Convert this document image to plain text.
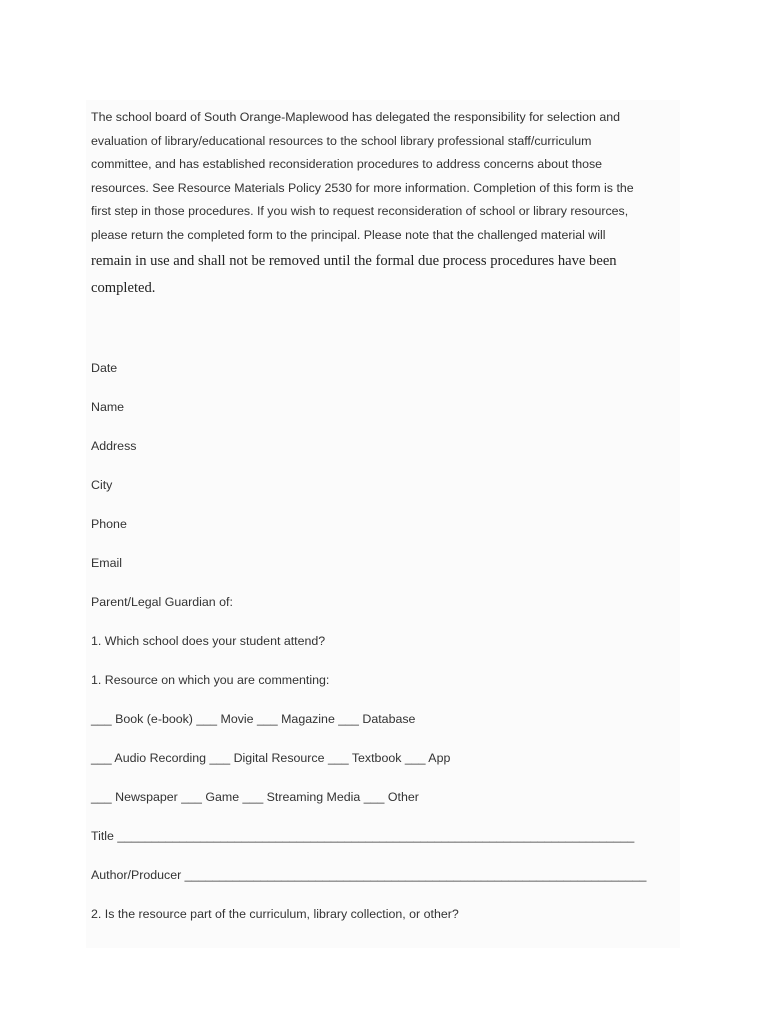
The school board of South Orange-Maplewood has delegated the responsibility for selection and
evaluation of library/educational resources to the school library professional staff/curriculum
committee, and has established reconsideration procedures to address concerns about those
resources. See Resource Materials Policy 2530 for more information. Completion of this form is the
first step in those procedures. If you wish to request reconsideration of school or library resources,
please return the completed form to the principal. Please note that the challenged material will
remain in use and shall not be removed until the formal due process procedures have been
completed.
Date
Name
Address
City
Phone
Email
Parent/Legal Guardian of:
1. Which school does your student attend?
1. Resource on which you are commenting:
___ Book (e-book) ___ Movie ___ Magazine ___ Database
___ Audio Recording ___ Digital Resource ___ Textbook ___ App
___ Newspaper ___ Game ___ Streaming Media ___ Other
Title ___________________________________________________________________________
Author/Producer ___________________________________________________________________
2. Is the resource part of the curriculum, library collection, or other?
